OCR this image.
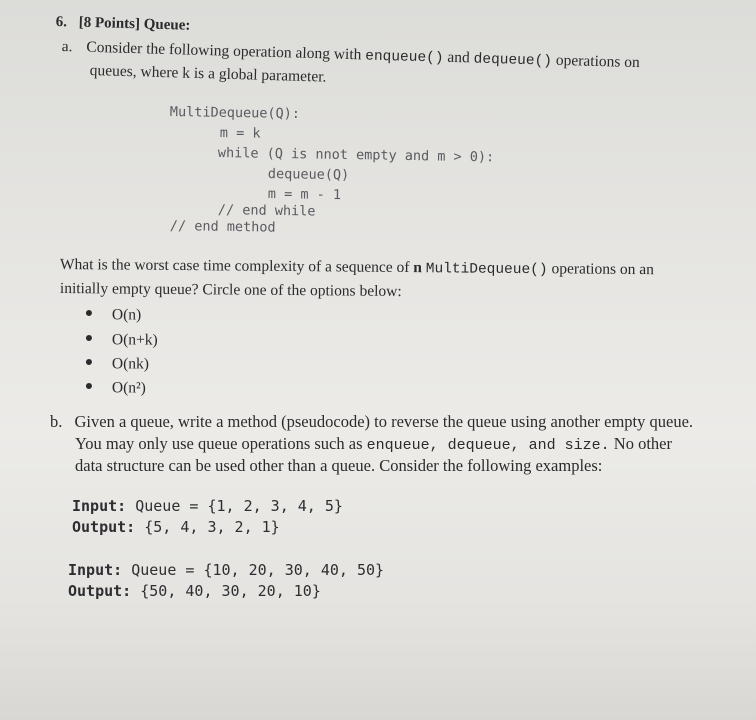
6. [8 Points] Queue:
a. Consider the following operation along with enqueue() and dequeue() operations on
queues, where k is a global parameter.
MultiDequeue(Q):
m = k
while (Q is nnot empty and m > 0):
dequeue(Q)
m = m - 1
// end while
// end method
What is the worst case time complexity of a sequence of n MultiDequeue() operations on an
initially empty queue? Circle one of the options below:
O(n)
O(n+k)
O(nk)
O(n²)
b. Given a queue, write a method (pseudocode) to reverse the queue using another empty queue.
You may only use queue operations such as enqueue, dequeue, and size. No other
data structure can be used other than a queue. Consider the following examples:
Input: Queue = {1, 2, 3, 4, 5}
Output: {5, 4, 3, 2, 1}
Input: Queue = {10, 20, 30, 40, 50}
Output: {50, 40, 30, 20, 10}
